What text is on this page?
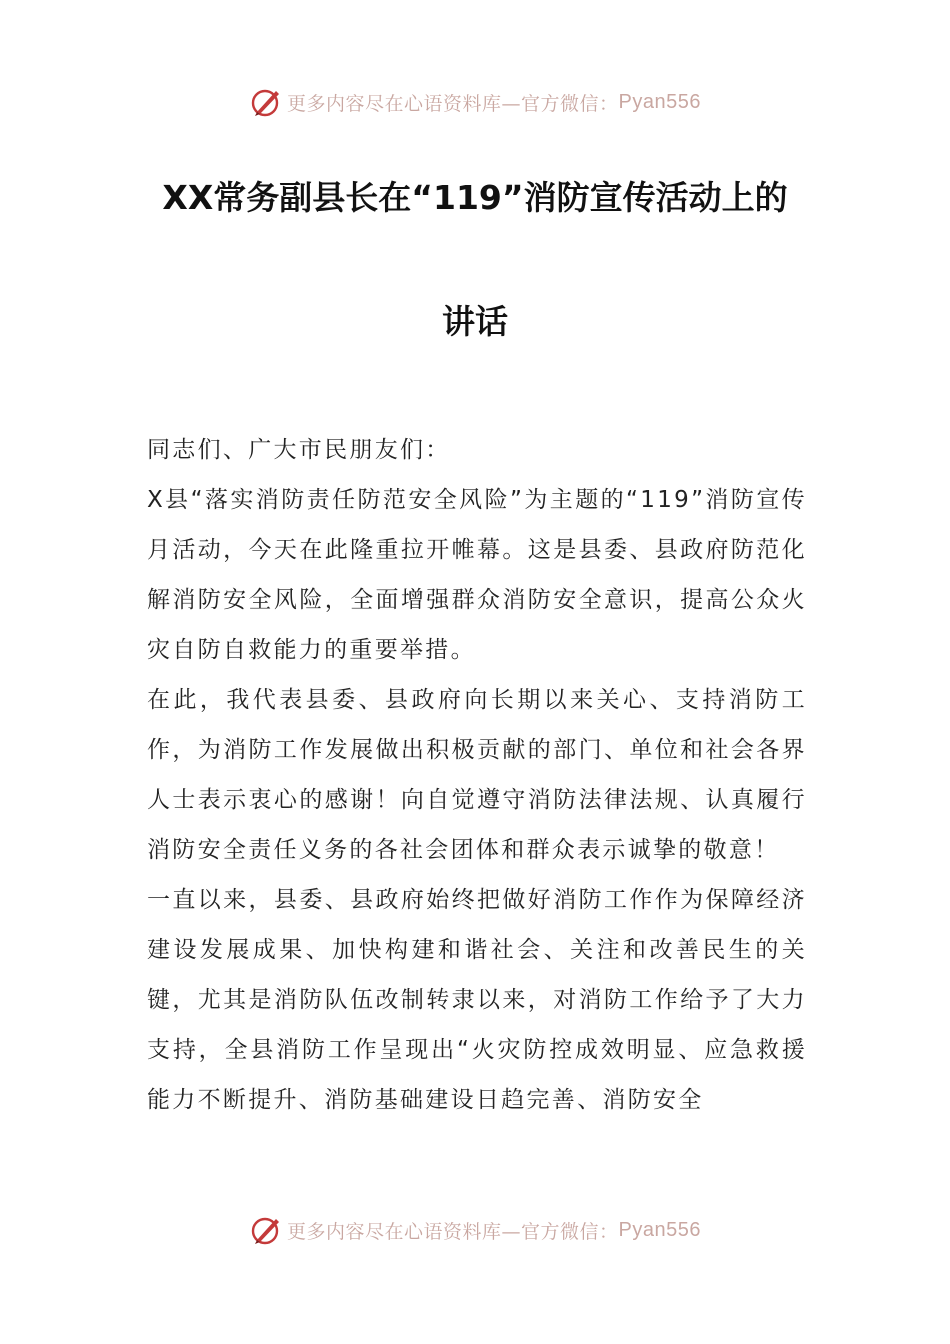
更多内容尽在心语资料库—官方微信： Pyan556
XX常务副县长在“119”消防宣传活动上的
讲话

同志们、广大市民朋友们：

X县“落实消防责任防范安全风险”为主题的“119”消防宣传月活动，今天在此隆重拉开帷幕。这是县委、县政府防范化解消防安全风险，全面增强群众消防安全意识，提高公众火灾自防自救能力的重要举措。

在此，我代表县委、县政府向长期以来关心、支持消防工作，为消防工作发展做出积极贡献的部门、单位和社会各界人士表示衷心的感谢！向自觉遵守消防法律法规、认真履行消防安全责任义务的各社会团体和群众表示诚挚的敬意！

一直以来，县委、县政府始终把做好消防工作作为保障经济建设发展成果、加快构建和谐社会、关注和改善民生的关键，尤其是消防队伍改制转隶以来，对消防工作给予了大力支持，全县消防工作呈现出“火灾防控成效明显、应急救援能力不断提升、消防基础建设日趋完善、消防安全

更多内容尽在心语资料库—官方微信： Pyan556
